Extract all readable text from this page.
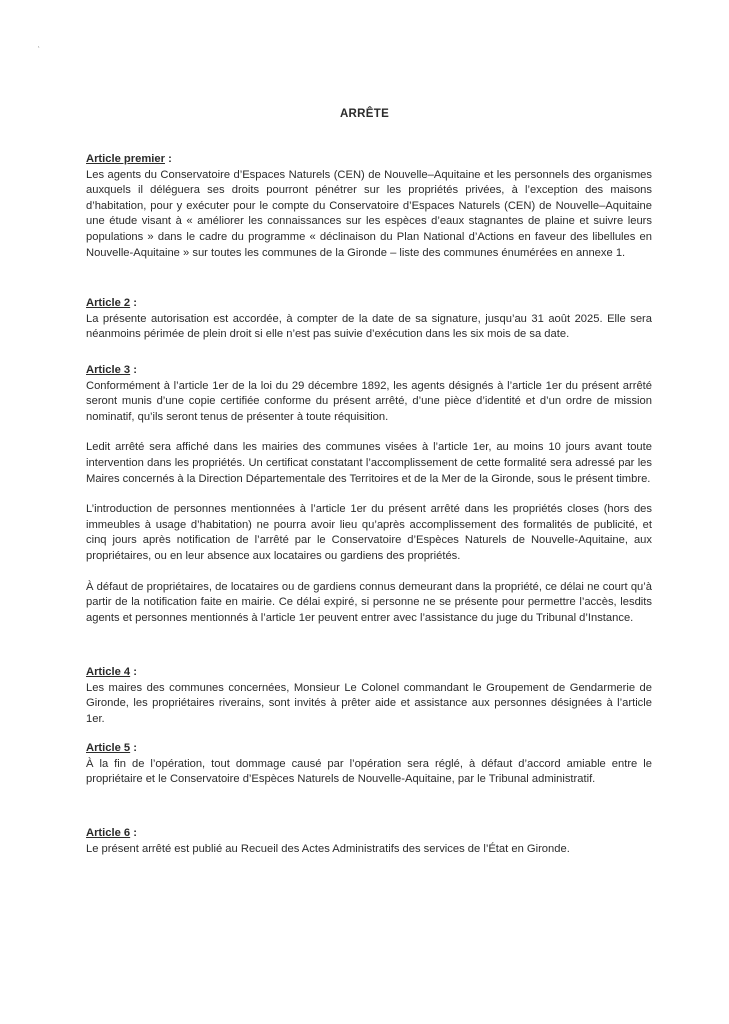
˛
ARRÊTE
Article premier :

Les agents du Conservatoire d’Espaces Naturels (CEN) de Nouvelle–Aquitaine et les personnels des organismes auxquels il déléguera ses droits pourront pénétrer sur les propriétés privées, à l’exception des maisons d’habitation, pour y exécuter pour le compte du Conservatoire d’Espaces Naturels (CEN) de Nouvelle–Aquitaine une étude visant à « améliorer les connaissances sur les espèces d’eaux stagnantes de plaine et suivre leurs populations » dans le cadre du programme « déclinaison du Plan National d’Actions en faveur des libellules en Nouvelle-Aquitaine » sur toutes les communes de la Gironde – liste des communes énumérées en annexe 1.

Article 2 :

La présente autorisation est accordée, à compter de la date de sa signature, jusqu’au 31 août 2025. Elle sera néanmoins périmée de plein droit si elle n’est pas suivie d’exécution dans les six mois de sa date.

Article 3 :

Conformément à l’article 1er de la loi du 29 décembre 1892, les agents désignés à l’article 1er du présent arrêté seront munis d’une copie certifiée conforme du présent arrêté, d’une pièce d’identité et d’un ordre de mission nominatif, qu’ils seront tenus de présenter à toute réquisition.

Ledit arrêté sera affiché dans les mairies des communes visées à l’article 1er, au moins 10 jours avant toute intervention dans les propriétés. Un certificat constatant l’accomplissement de cette formalité sera adressé par les Maires concernés à la Direction Départementale des Territoires et de la Mer de la Gironde, sous le présent timbre.

L’introduction de personnes mentionnées à l’article 1er du présent arrêté dans les propriétés closes (hors des immeubles à usage d’habitation) ne pourra avoir lieu qu’après accomplissement des formalités de publicité, et cinq jours après notification de l’arrêté par le Conservatoire d’Espèces Naturels de Nouvelle-Aquitaine, aux propriétaires, ou en leur absence aux locataires ou gardiens des propriétés.

À défaut de propriétaires, de locataires ou de gardiens connus demeurant dans la propriété, ce délai ne court qu’à partir de la notification faite en mairie. Ce délai expiré, si personne ne se présente pour permettre l’accès, lesdits agents et personnes mentionnés à l’article 1er peuvent entrer avec l’assistance du juge du Tribunal d’Instance.

Article 4 :

Les maires des communes concernées, Monsieur Le Colonel commandant le Groupement de Gendarmerie de Gironde, les propriétaires riverains, sont invités à prêter aide et assistance aux personnes désignées à l’article 1er.

Article 5 :

À la fin de l’opération, tout dommage causé par l’opération sera réglé, à défaut d’accord amiable entre le propriétaire et le Conservatoire d’Espèces Naturels de Nouvelle-Aquitaine, par le Tribunal administratif.

Article 6 :

Le présent arrêté est publié au Recueil des Actes Administratifs des services de l’État en Gironde.
